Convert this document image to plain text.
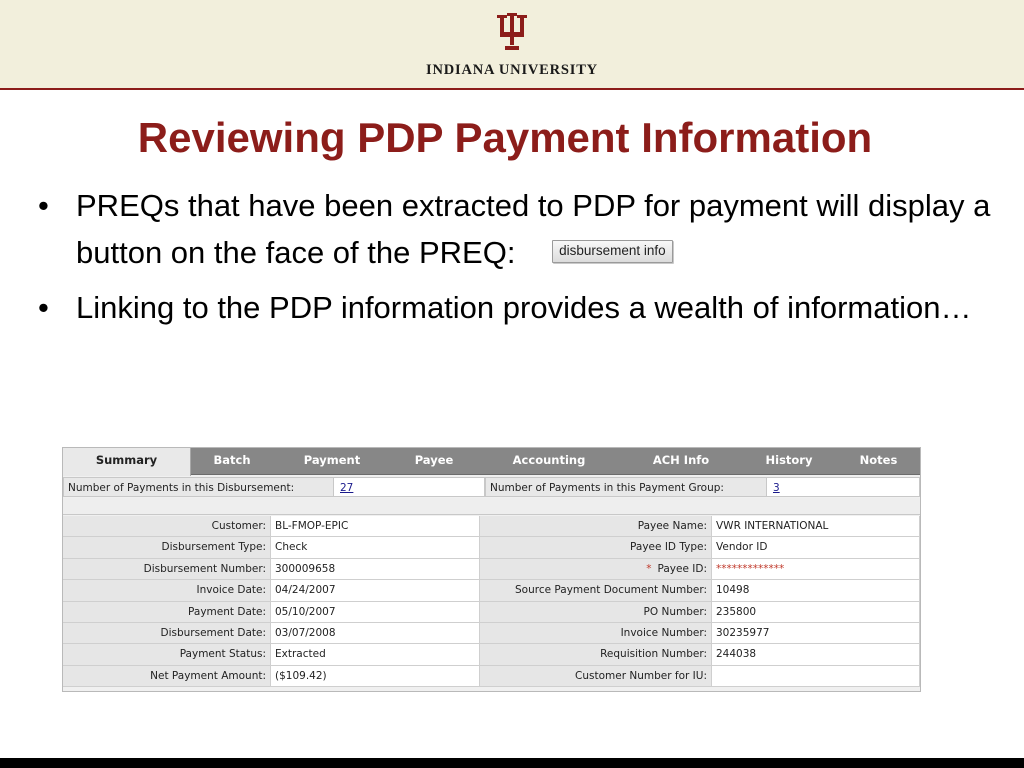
INDIANA UNIVERSITY
Reviewing PDP Payment Information
• PREQs that have been extracted to PDP for payment will display a button on the face of the PREQ:	disbursement info
• Linking to the PDP information provides a wealth of information…
Summary	Batch	Payment	Payee	Accounting	ACH Info	History	Notes
Number of Payments in this Disbursement:	27	Number of Payments in this Payment Group:	3
Customer: BL-FMOP-EPIC	Payee Name: VWR INTERNATIONAL
Disbursement Type: Check	Payee ID Type: Vendor ID
Disbursement Number: 300009658	* Payee ID: *************
Invoice Date: 04/24/2007	Source Payment Document Number: 10498
Payment Date: 05/10/2007	PO Number: 235800
Disbursement Date: 03/07/2008	Invoice Number: 30235977
Payment Status: Extracted	Requisition Number: 244038
Net Payment Amount: ($109.42)	Customer Number for IU:
